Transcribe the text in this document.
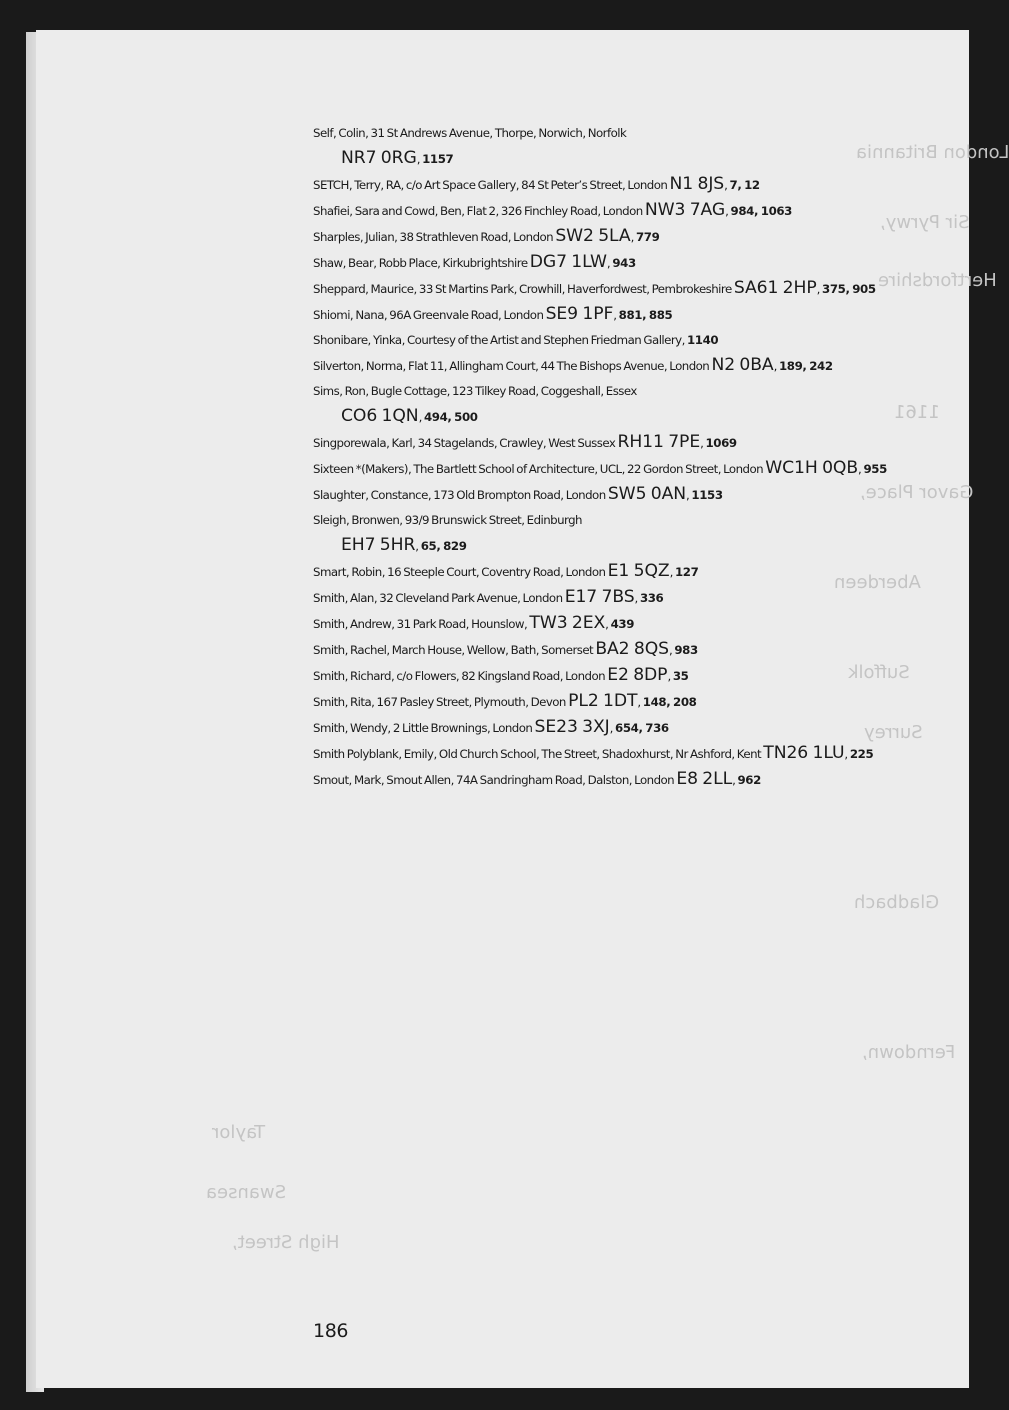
London Britannia
Sir Pyrwy,
Hertfordshire
1161
Gavor Place,
Aberdeen
Suffolk
Surrey
Gladbach
Ferndown,
Taylor
Swansea
High Street,

Self, Colin, 31 St Andrews Avenue, Thorpe, Norwich, Norfolk
NR7 0RG, 1157

SETCH, Terry, RA, c/o Art Space Gallery, 84 St Peter’s Street, London N1 8JS, 7, 12

Shafiei, Sara and Cowd, Ben, Flat 2, 326 Finchley Road, London NW3 7AG, 984, 1063

Sharples, Julian, 38 Strathleven Road, London SW2 5LA, 779

Shaw, Bear, Robb Place, Kirkubrightshire DG7 1LW, 943

Sheppard, Maurice, 33 St Martins Park, Crowhill, Haverfordwest, Pembrokeshire SA61 2HP, 375, 905

Shiomi, Nana, 96A Greenvale Road, London SE9 1PF, 881, 885

Shonibare, Yinka, Courtesy of the Artist and Stephen Friedman Gallery, 1140

Silverton, Norma, Flat 11, Allingham Court, 44 The Bishops Avenue, London N2 0BA, 189, 242

Sims, Ron, Bugle Cottage, 123 Tilkey Road, Coggeshall, Essex
CO6 1QN, 494, 500

Singporewala, Karl, 34 Stagelands, Crawley, West Sussex RH11 7PE, 1069

Sixteen *(Makers), The Bartlett School of Architecture, UCL, 22 Gordon Street, London WC1H 0QB, 955

Slaughter, Constance, 173 Old Brompton Road, London SW5 0AN, 1153

Sleigh, Bronwen, 93/9 Brunswick Street, Edinburgh
EH7 5HR, 65, 829

Smart, Robin, 16 Steeple Court, Coventry Road, London E1 5QZ, 127

Smith, Alan, 32 Cleveland Park Avenue, London E17 7BS, 336

Smith, Andrew, 31 Park Road, Hounslow, TW3 2EX, 439

Smith, Rachel, March House, Wellow, Bath, Somerset BA2 8QS, 983

Smith, Richard, c/o Flowers, 82 Kingsland Road, London E2 8DP, 35

Smith, Rita, 167 Pasley Street, Plymouth, Devon PL2 1DT, 148, 208

Smith, Wendy, 2 Little Brownings, London SE23 3XJ, 654, 736

Smith Polyblank, Emily, Old Church School, The Street, Shadoxhurst, Nr Ashford, Kent TN26 1LU, 225

Smout, Mark, Smout Allen, 74A Sandringham Road, Dalston, London E8 2LL, 962

186
